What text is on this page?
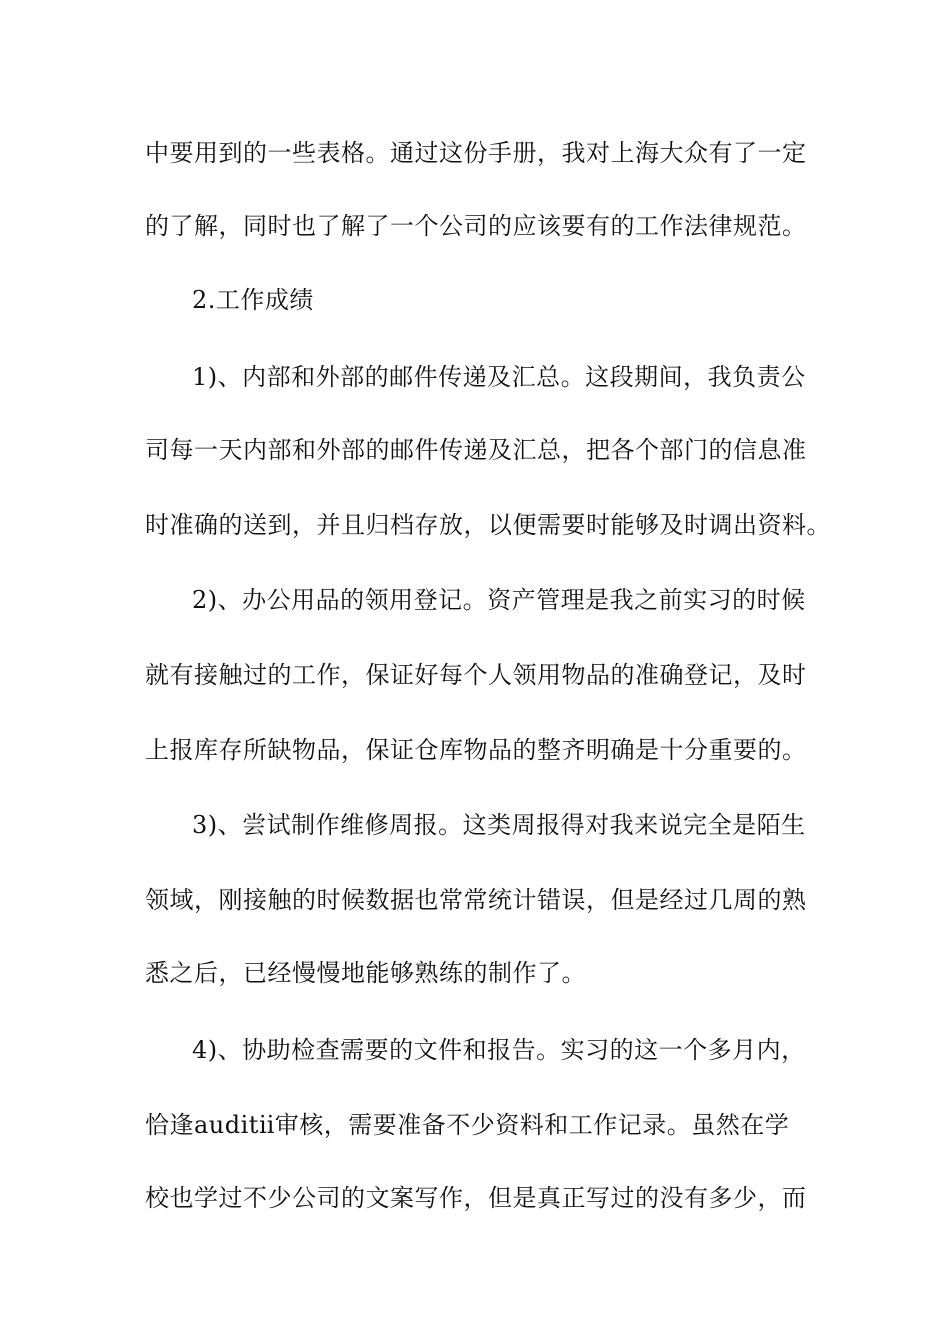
中要用到的一些表格。通过这份手册，我对上海大众有了一定
的了解，同时也了解了一个公司的应该要有的工作法律规范。
2.工作成绩
1)、内部和外部的邮件传递及汇总。这段期间，我负责公
司每一天内部和外部的邮件传递及汇总，把各个部门的信息准
时准确的送到，并且归档存放，以便需要时能够及时调出资料。
2)、办公用品的领用登记。资产管理是我之前实习的时候
就有接触过的工作，保证好每个人领用物品的准确登记，及时
上报库存所缺物品，保证仓库物品的整齐明确是十分重要的。
3)、尝试制作维修周报。这类周报得对我来说完全是陌生
领域，刚接触的时候数据也常常统计错误，但是经过几周的熟
悉之后，已经慢慢地能够熟练的制作了。
4)、协助检查需要的文件和报告。实习的这一个多月内，
恰逢auditⅱ审核，需要准备不少资料和工作记录。虽然在学
校也学过不少公司的文案写作，但是真正写过的没有多少，而
